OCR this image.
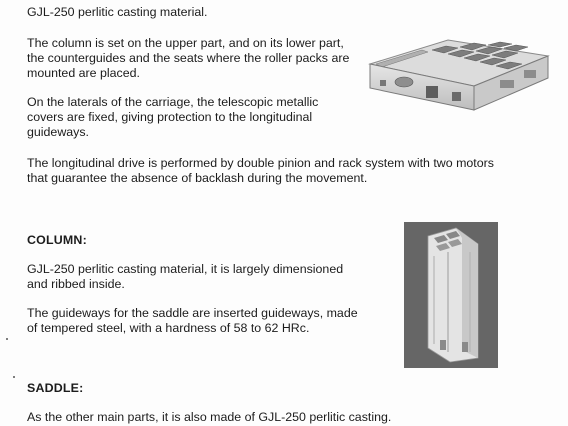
GJL-250 perlitic casting material.

The column is set on the upper part, and on its lower part,

the counterguides and the seats where the roller packs are

mounted are placed.

On the laterals of the carriage, the telescopic metallic

covers are fixed, giving protection to the longitudinal

guideways.

The longitudinal drive is performed by double pinion and rack system with two motors

that guarantee the absence of backlash during the movement.

COLUMN:

GJL-250 perlitic casting material, it is largely dimensioned

and ribbed inside.

The guideways for the saddle are inserted guideways, made

of tempered steel, with a hardness of 58 to 62 HRc.

SADDLE:

As the other main parts, it is also made of GJL-250 perlitic casting.
